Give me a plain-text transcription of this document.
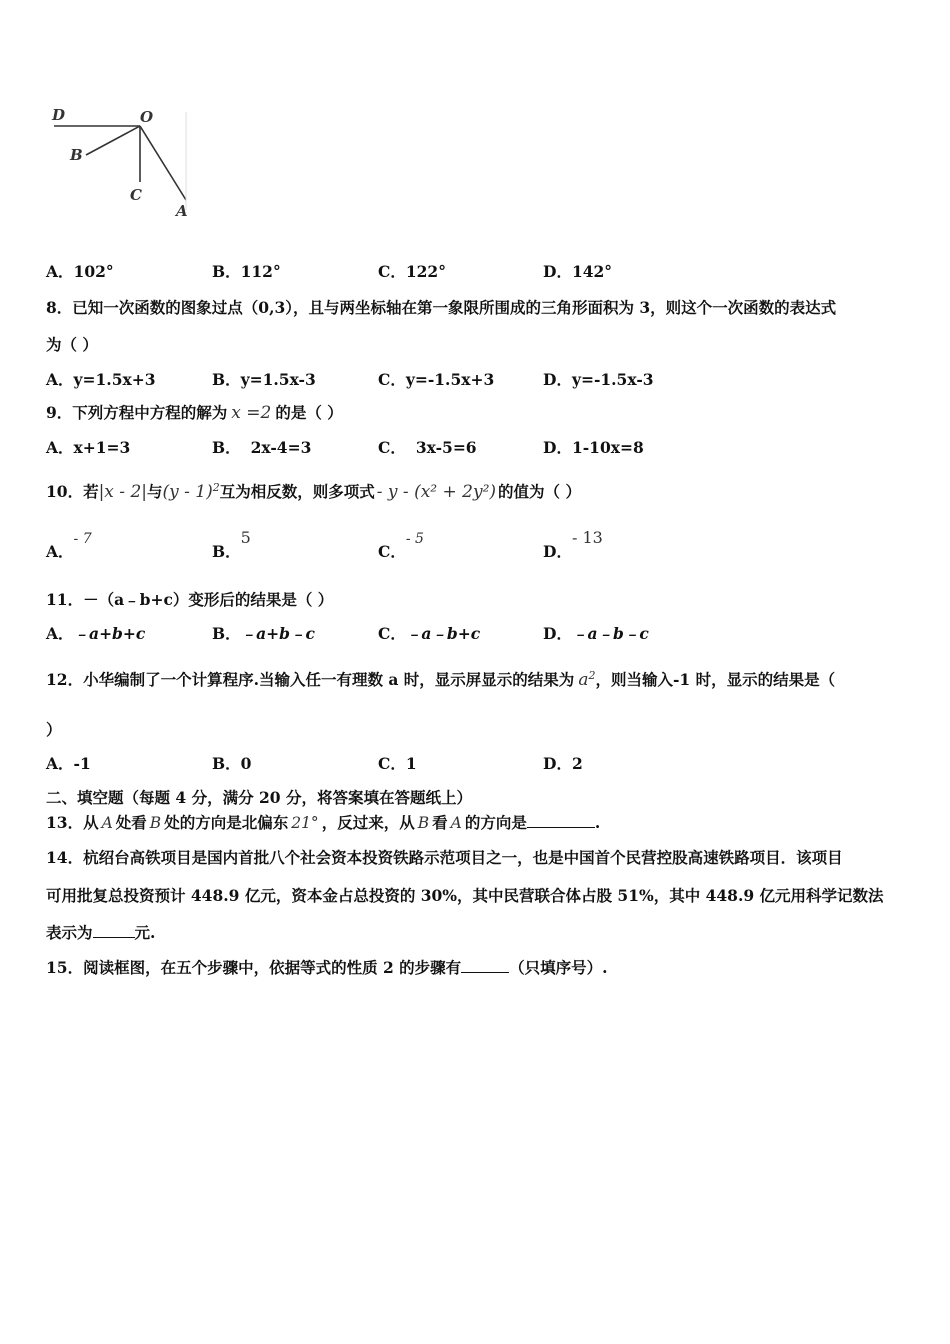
D	O
B
C
A
A．102°	B．112°	C．122°	D．142°
8．已知一次函数的图象过点（0,3），且与两坐标轴在第一象限所围成的三角形面积为 3，则这个一次函数的表达式
为（ ）
A．y=1.5x+3	B．y=1.5x-3	C．y=-1.5x+3	D．y=-1.5x-3
9．下列方程中方程的解为 x =2 的是（ ）
A．x+1=3	B． 2x-4=3	C． 3x-5=6	D．1-10x=8
10．若|x - 2|与(y - 1)$^2$互为相反数，则多项式 - y - (x² + 2y²) 的值为（ ）
A．- 7
B．5
C．- 5
D．- 13
11．－（a﹣b+c）变形后的结果是（ ）
A．﹣a+b+c	B．﹣a+b﹣c	C．﹣a﹣b+c	D．﹣a﹣b﹣c
12．小华编制了一个计算程序.当输入任一有理数 a 时，显示屏显示的结果为 $a^2$，则当输入-1 时，显示的结果是（
）
A．-1	B．0	C．1	D．2
二、填空题（每题 4 分，满分 20 分，将答案填在答题纸上）
13．从 A 处看 B 处的方向是北偏东 21° ，反过来，从 B 看 A 的方向是	.
14．杭绍台高铁项目是国内首批八个社会资本投资铁路示范项目之一，也是中国首个民营控股高速铁路项目．该项目
可用批复总投资预计 448.9 亿元，资本金占总投资的 30%，其中民营联合体占股 51%，其中 448.9 亿元用科学记数法
表示为	元.
15．阅读框图，在五个步骤中，依据等式的性质 2 的步骤有	（只填序号）.
